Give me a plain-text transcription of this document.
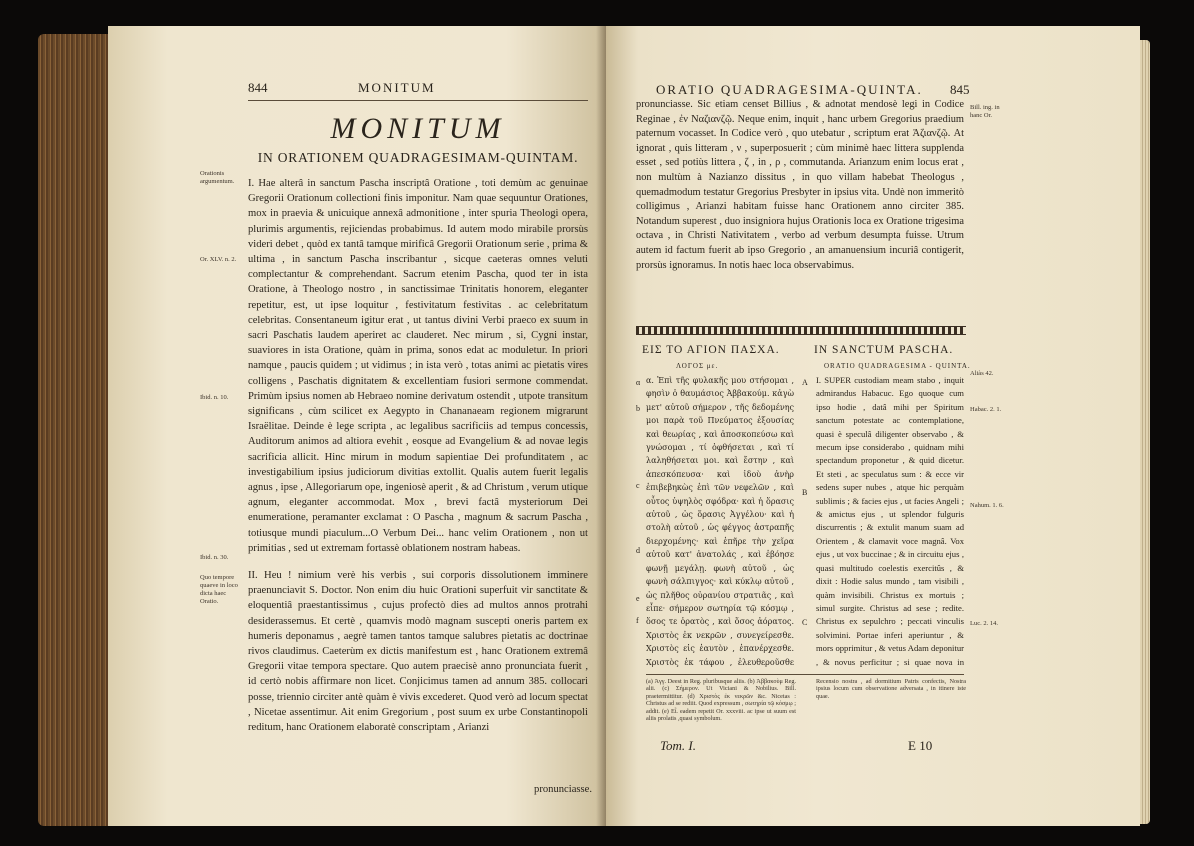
844	MONITUM
MONITUM
IN ORATIONEM QUADRAGESIMAM-QUINTAM.
Orationis argumentum.
Or. XLV. n. 2.
Ibid. n. 10.
Ibid. n. 30.
Quo tempore quaeve in loco dicta haec Oratio.
I. Hae alterâ in sanctum Pascha inscriptâ Oratione , toti demùm ac genuinae Gregorii Orationum collectioni finis imponitur. Nam quae sequuntur Orationes, mox in praevia & unicuique annexâ admonitione , inter spuria Theologi opera, plurimis argumentis, rejiciendas probabimus. Id autem modo mirabile prorsùs videri debet , quòd ex tantâ tamque mirificâ Gregorii Orationum serie , prima & ultima , in sanctum Pascha inscribantur , sicque caeteras omnes veluti complectantur & comprehendant. Sacrum etenim Pascha, quod ter in ista Oratione, à Theologo nostro , in sanctissimae Trinitatis honorem, eleganter repetitur, est, ut ipse loquitur , festivitatum festivitas . ac celebritatum celebritas. Consentaneum igitur erat , ut tantus divini Verbi praeco ex suum in sacri Paschatis laudem aperiret ac clauderet. Nec mirum , si, Cygni instar, suaviores in ista Oratione, quàm in prima, sonos edat ac moduletur. In priori namque , paucis quidem ; ut vidimus ; in ista verò , totas animi ac pietatis vires colligens , Paschatis dignitatem & excellentiam fusiori sermone commendat. Primùm ipsius nomen ab Hebraeo nomine derivatum ostendit , utpote transitum significans , cùm scilicet ex Aegypto in Chananaeam regionem migrarunt Israëlitae. Deinde è lege scripta , ac legalibus sacrificiis ad tempus concessis, Auditorum animos ad altiora evehit , eosque ad Evangelium & ad novae legis sacrificia allicit. Hinc mirum in modum sapientiae Dei profunditatem , ac investigabilium ipsius judiciorum divitias extollit. Qualis autem fuerit legalis agnus , ipse , Allegoriarum ope, ingeniosè aperit , & ad Christum , verum utique agnum, eleganter accommodat. Mox , brevi factâ mysteriorum Dei enumeratione, peramanter exclamat : O Pascha , magnum & sacrum Pascha , totiusque mundi piaculum...O Verbum Dei... hanc velim Orationem , non ut primitias , sed ut extremam fortassè oblationem nostram habeas.
II. Heu ! nimium verè his verbis , sui corporis dissolutionem imminere praenunciavit S. Doctor. Non enim diu huic Orationi superfuit vir sanctitate & eloquentiâ praestantissimus , cujus profectò dies ad multos annos protrahi desiderassemus. Et certè , quamvis modò magnam suscepti oneris partem ex humeris deponamus , aegrè tamen tantos tamque salubres pietatis ac doctrinae rivos claudimus. Caeterùm ex dictis manifestum est , hanc Orationem extremâ Gregorii vitae tempora spectare. Quo autem praecisè anno pronunciata fuerit , id certò nobis affirmare non licet. Conjicimus tamen ad annum 385. collocari posse, triennio circiter antè quàm è vivis excederet. Quod verò ad locum spectat , Nicetae assentimur. Ait enim Gregorium , post suum ex urbe Constantinopoli reditum, hanc Orationem elaboratè conscriptam , Arianzi
pronunciasse.
ORATIO QUADRAGESIMA-QUINTA. 845
pronunciasse. Sic etiam censet Billius , & adnotat mendosè legi in Codice Reginae , ἐν Ναζιανζῷ. Neque enim, inquit , hanc urbem Gregorius praedium paternum vocasset. In Codice verò , quo utebatur , scriptum erat Ἀζιανζῷ. At ignorat , quis litteram , ν , superposuerit ; cùm minimè haec littera supplenda esset , sed potiùs littera , ζ , in , ρ , commutanda. Arianzum enim locus erat , non multùm à Nazianzo dissitus , in quo villam habebat Theologus , quemadmodum testatur Gregorius Presbyter in ipsius vita. Undè non immeritò colligimus , Arianzi habitam fuisse hanc Orationem anno circiter 385. Notandum superest , duo insigniora hujus Orationis loca ex Oratione trigesima octava , in Christi Nativitatem , verbo ad verbum desumpta fuisse. Utrum autem id factum fuerit ab ipso Gregorio , an amanuensium incuriâ contigerit, prorsùs ignoramus. In notis haec loca observabimus.
Bill. ing. in hanc Or.
ΕΙΣ ΤΟ ΑΓΙΟΝ ΠΑΣΧΑ.	IN SANCTUM PASCHA.
ΛΟΓΟΣ με.	ORATIO QUADRAGESIMA - QUINTA.
α. Ἐπὶ τῆς φυλακῆς μου στήσομαι , φησὶν ὁ θαυμάσιος Ἀββακούμ. κἀγὼ μετ' αὐτοῦ σήμερον , τῆς δεδομένης μοι παρὰ τοῦ Πνεύματος ἐξουσίας καὶ θεωρίας , καὶ ἀποσκοπεύσω καὶ γνώσομαι , τί ὀφθήσεται , καὶ τί λαληθήσεται μοι. καὶ ἔστην , καὶ ἀπεσκόπευσα· καὶ ἰδοὺ ἀνὴρ ἐπιβεβηκὼς ἐπὶ τῶν νεφελῶν , καὶ οὗτος ὑψηλὸς σφόδρα· καὶ ἡ ὅρασις αὐτοῦ , ὡς ὅρασις Ἀγγέλου· καὶ ἡ στολὴ αὐτοῦ , ὡς φέγγος ἀστραπῆς διερχομένης· καὶ ἐπῆρε τὴν χεῖρα αὐτοῦ κατ' ἀνατολάς , καὶ ἐβόησε φωνῇ μεγάλῃ. φωνὴ αὐτοῦ , ὡς φωνὴ σάλπιγγος· καὶ κύκλῳ αὐτοῦ , ὡς πλῆθος οὐρανίου στρατιᾶς , καὶ εἶπε· σήμερον σωτηρία τῷ κόσμῳ , ὅσος τε ὁρατὸς , καὶ ὅσος ἀόρατος. Χριστὸς ἐκ νεκρῶν , συνεγείρεσθε. Χριστὸς εἰς ἑαυτὸν , ἐπανέρχεσθε. Χριστὸς ἐκ τάφου , ἐλευθεροῦσθε
I. SUPER custodiam meam stabo , inquit admirandus Habacuc. Ego quoque cum ipso hodie , datâ mihi per Spiritum sanctum potestate ac contemplatione, quasi è speculâ diligenter observabo , & mecum ipse considerabo , quidnam mihi spectandum proponetur , & quid dicetur. Et steti , ac speculatus sum : & ecce vir sedens super nubes , atque hic perquàm sublimis ; & facies ejus , ut facies Angeli ; & amictus ejus , ut splendor fulguris discurrentis ; & extulit manum suam ad Orientem , & clamavit voce magnâ. Vox ejus , ut vox buccinae ; & in circuitu ejus , quasi multitudo coelestis exercitûs , & dixit : Hodie salus mundo , tam visibili , quàm invisibili. Christus ex mortuis ; simul surgite. Christus ad sese ; redite. Christus ex sepulchro ; peccati vinculis solvimini. Portae inferi aperiuntur , & mors opprimitur , & vetus Adam deponitur , & novus perficitur ; si quae nova in
α
b
c
d
e
f
A
B
C
Aliàs 42.
Habac. 2. 1.
Nahum. 1. 6.
Luc. 2. 14.
(a) Ἀγγ. Deest in Reg. pluribusque aliis. (b) Ἀββακοὺμ Reg. alii. (c) Σήμερον. Ut Viciani & Nobilius. Bill. praetermittitur. (d) Χριστὸς ἐκ νεκρῶν &c. Nicetas : Christus ad se rediit. Quod expressum , σωτηρία τῷ κόσμῳ ; addit. (e) Εἶ. eadem repetit Or. xxxviii. ac ipse ut suum est aliis prolatis ,quasi symbolum.
Recensio nostra , ad dormitium Patris confectis, Nostra ipsius locum cum observatione adversata , in itinere iste quae.
Tom. I.	E 10
